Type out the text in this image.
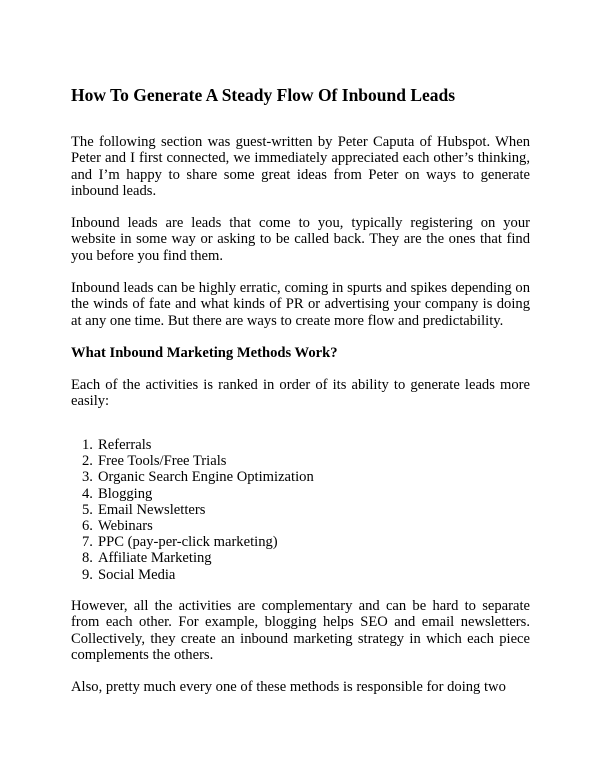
How To Generate A Steady Flow Of Inbound Leads

The following section was guest-written by Peter Caputa of Hubspot. When Peter and I first connected, we immediately appreciated each other’s thinking, and I’m happy to share some great ideas from Peter on ways to generate inbound leads.

Inbound leads are leads that come to you, typically registering on your website in some way or asking to be called back. They are the ones that find you before you find them.

Inbound leads can be highly erratic, coming in spurts and spikes depending on the winds of fate and what kinds of PR or advertising your company is doing at any one time. But there are ways to create more flow and predictability.

What Inbound Marketing Methods Work?

Each of the activities is ranked in order of its ability to generate leads more easily:

1. Referrals
2. Free Tools/Free Trials
3. Organic Search Engine Optimization
4. Blogging
5. Email Newsletters
6. Webinars
7. PPC (pay-per-click marketing)
8. Affiliate Marketing
9. Social Media

However, all the activities are complementary and can be hard to separate from each other. For example, blogging helps SEO and email newsletters. Collectively, they create an inbound marketing strategy in which each piece complements the others.

Also, pretty much every one of these methods is responsible for doing two
